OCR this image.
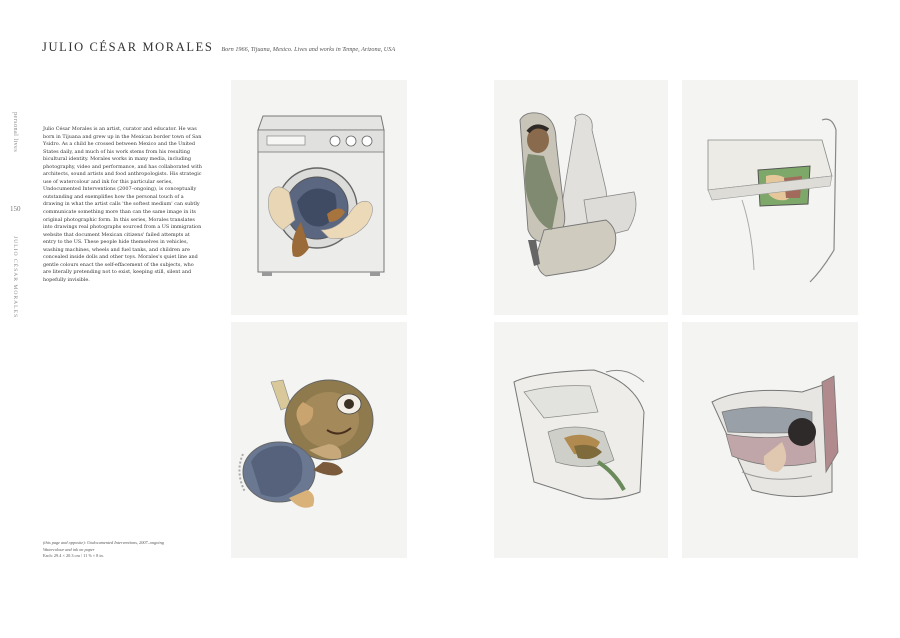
JULIO CÉSAR MORALES Born 1966, Tijuana, Mexico. Lives and works in Tempe, Arizona, USA
personal lives
150
JULIO CÉSAR MORALES
Julio César Morales is an artist, curator and educator. He was born in Tijuana and grew up in the Mexican border town of San Ysidro. As a child he crossed between Mexico and the United States daily, and much of his work stems from his resulting bicultural identity. Morales works in many media, including photography, video and performance, and has collaborated with architects, sound artists and food anthropologists. His strategic use of watercolour and ink for this particular series, Undocumented Interventions (2007–ongoing), is conceptually outstanding and exemplifies how the personal touch of a drawing in what the artist calls 'the softest medium' can subtly communicate something more than can the same image in its original photographic form. In this series, Morales translates into drawings real photographs sourced from a US immigration website that document Mexican citizens' failed attempts at entry to the US. These people hide themselves in vehicles, washing machines, wheels and fuel tanks, and children are concealed inside dolls and other toys. Morales's quiet line and gentle colours enact the self-effacement of the subjects, who are literally pretending not to exist, keeping still, silent and hopefully invisible.
(this page and opposite): Undocumented Interventions, 2007–ongoing
Watercolour and ink on paper
Each: 29.4 × 20.3 cm / 11 ⅝ × 8 in.
